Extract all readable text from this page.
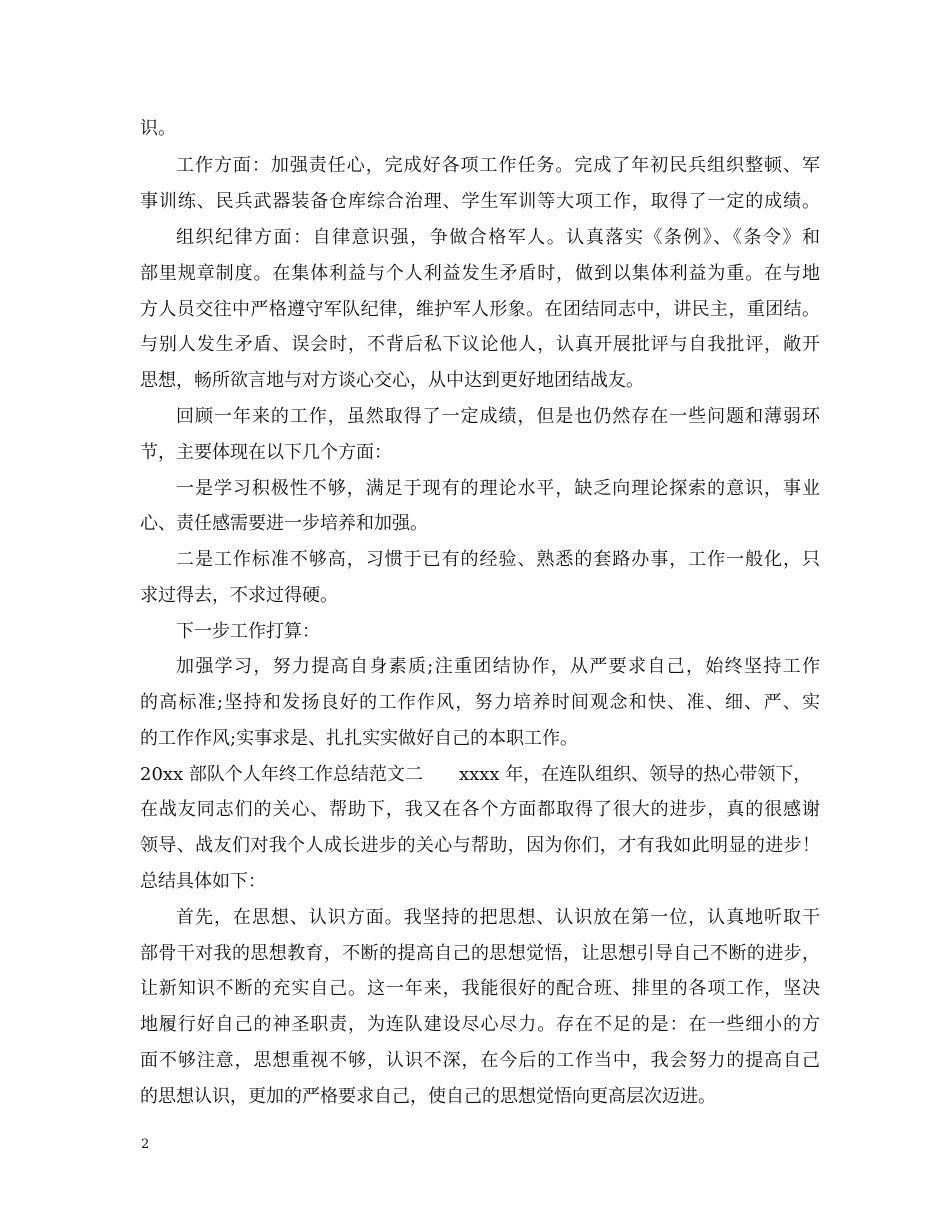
识。
工作方面：加强责任心，完成好各项工作任务。完成了年初民兵组织整顿、军
事训练、民兵武器装备仓库综合治理、学生军训等大项工作，取得了一定的成绩。
组织纪律方面：自律意识强，争做合格军人。认真落实《条例》、《条令》和
部里规章制度。在集体利益与个人利益发生矛盾时，做到以集体利益为重。在与地
方人员交往中严格遵守军队纪律，维护军人形象。在团结同志中，讲民主，重团结。
与别人发生矛盾、误会时，不背后私下议论他人，认真开展批评与自我批评，敞开
思想，畅所欲言地与对方谈心交心，从中达到更好地团结战友。
回顾一年来的工作，虽然取得了一定成绩，但是也仍然存在一些问题和薄弱环
节，主要体现在以下几个方面：
一是学习积极性不够，满足于现有的理论水平，缺乏向理论探索的意识，事业
心、责任感需要进一步培养和加强。
二是工作标准不够高，习惯于已有的经验、熟悉的套路办事，工作一般化，只
求过得去，不求过得硬。
下一步工作打算：
加强学习，努力提高自身素质;注重团结协作，从严要求自己，始终坚持工作
的高标准;坚持和发扬良好的工作作风，努力培养时间观念和快、准、细、严、实
的工作作风;实事求是、扎扎实实做好自己的本职工作。
20xx 部队个人年终工作总结范文二 xxxx 年，在连队组织、领导的热心带领下，
在战友同志们的关心、帮助下，我又在各个方面都取得了很大的进步，真的很感谢
领导、战友们对我个人成长进步的关心与帮助，因为你们，才有我如此明显的进步！
总结具体如下：
首先，在思想、认识方面。我坚持的把思想、认识放在第一位，认真地听取干
部骨干对我的思想教育，不断的提高自己的思想觉悟，让思想引导自己不断的进步，
让新知识不断的充实自己。这一年来，我能很好的配合班、排里的各项工作，坚决
地履行好自己的神圣职责，为连队建设尽心尽力。存在不足的是：在一些细小的方
面不够注意，思想重视不够，认识不深，在今后的工作当中，我会努力的提高自己
的思想认识，更加的严格要求自己，使自己的思想觉悟向更高层次迈进。
2
